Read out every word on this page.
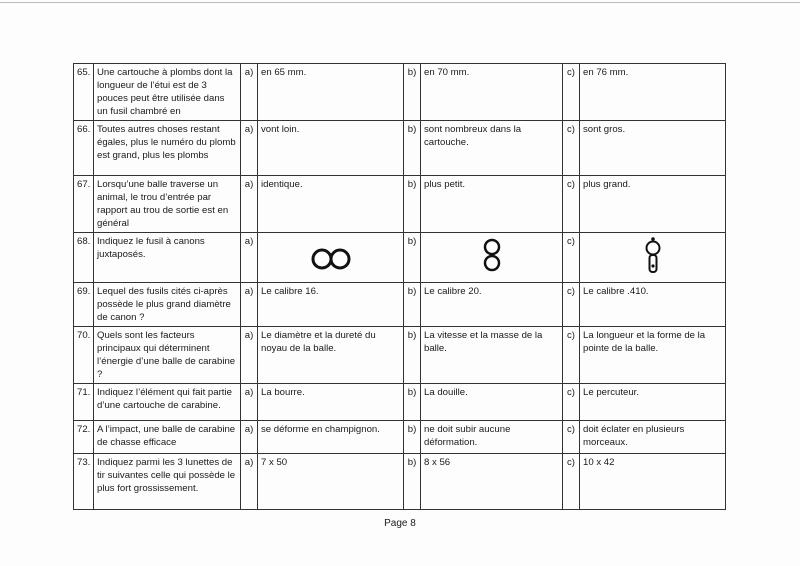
65.	Une cartouche à plombs dont la longueur de l’étui est de 3 pouces peut être utilisée dans un fusil chambré en	a)	en 65 mm.	b)	en 70 mm.	c)	en 76 mm.
66.	Toutes autres choses restant égales, plus le numéro du plomb est grand, plus les plombs	a)	vont loin.	b)	sont nombreux dans la cartouche.	c)	sont gros.
67.	Lorsqu’une balle traverse un animal, le trou d’entrée par rapport au trou de sortie est en général	a)	identique.	b)	plus petit.	c)	plus grand.
68.	Indiquez le fusil à canons juxtaposés.	a)		b)		c)	

69.	Lequel des fusils cités ci-après possède le plus grand diamètre de canon ?	a)	Le calibre 16.	b)	Le calibre 20.	c)	Le calibre .410.
70.	Quels sont les facteurs principaux qui déterminent l’énergie d’une balle de carabine ?	a)	Le diamètre et la dureté du noyau de la balle.	b)	La vitesse et la masse de la balle.	c)	La longueur et la forme de la pointe de la balle.
71.	Indiquez l’élément qui fait partie d’une cartouche de carabine.	a)	La bourre.	b)	La douille.	c)	Le percuteur.
72.	A l’impact, une balle de carabine de chasse efficace	a)	se déforme en champignon.	b)	ne doit subir aucune déformation.	c)	doit éclater en plusieurs morceaux.
73.	Indiquez parmi les 3 lunettes de tir suivantes celle qui possède le plus fort grossissement.	a)	7 x 50	b)	8 x 56	c)	10 x 42
Page 8
